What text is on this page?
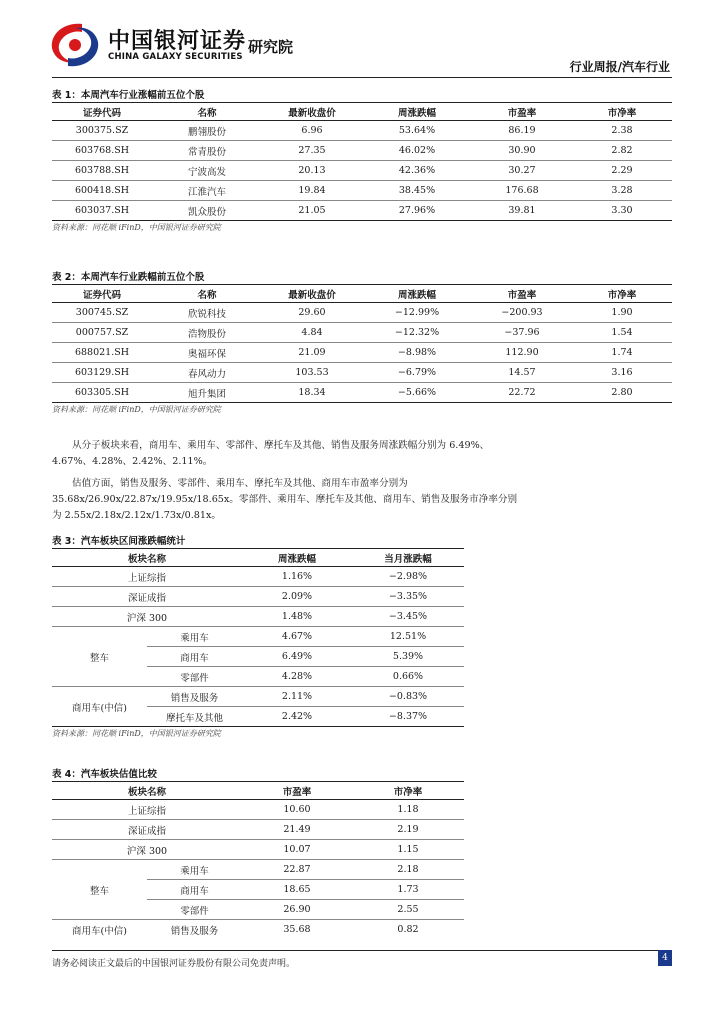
中国银河证券
CHINA GALAXY SECURITIES
研究院
行业周报/汽车行业
表 1：本周汽车行业涨幅前五位个股
证券代码	名称	最新收盘价	周涨跌幅	市盈率	市净率
300375.SZ	鹏翎股份	6.96	53.64%	86.19	2.38
603768.SH	常青股份	27.35	46.02%	30.90	2.82
603788.SH	宁波高发	20.13	42.36%	30.27	2.29
600418.SH	江淮汽车	19.84	38.45%	176.68	3.28
603037.SH	凯众股份	21.05	27.96%	39.81	3.30
资料来源：同花顺 iFinD，中国银河证券研究院
表 2：本周汽车行业跌幅前五位个股
证券代码	名称	最新收盘价	周涨跌幅	市盈率	市净率
300745.SZ	欣锐科技	29.60	−12.99%	−200.93	1.90
000757.SZ	浩物股份	4.84	−12.32%	−37.96	1.54
688021.SH	奥福环保	21.09	−8.98%	112.90	1.74
603129.SH	春风动力	103.53	−6.79%	14.57	3.16
603305.SH	旭升集团	18.34	−5.66%	22.72	2.80
资料来源：同花顺 iFinD，中国银河证券研究院

从分子板块来看，商用车、乘用车、零部件、摩托车及其他、销售及服务周涨跌幅分别为 6.49%、4.67%、4.28%、2.42%、2.11%。

估值方面，销售及服务、零部件、乘用车、摩托车及其他、商用车市盈率分别为 35.68x/26.90x/22.87x/19.95x/18.65x。零部件、乘用车、摩托车及其他、商用车、销售及服务市净率分别为 2.55x/2.18x/2.12x/1.73x/0.81x。

表 3：汽车板块区间涨跌幅统计
板块名称		周涨跌幅	当月涨跌幅
上证综指		1.16%	−2.98%
深证成指		2.09%	−3.35%
沪深 300		1.48%	−3.45%
整车	乘用车	4.67%	12.51%
	商用车	6.49%	5.39%
	零部件	4.28%	0.66%
商用车(中信)	销售及服务	2.11%	−0.83%
	摩托车及其他	2.42%	−8.37%
资料来源：同花顺 iFinD，中国银河证券研究院
表 4：汽车板块估值比较
板块名称		市盈率	市净率
上证综指		10.60	1.18
深证成指		21.49	2.19
沪深 300		10.07	1.15
整车	乘用车	22.87	2.18
	商用车	18.65	1.73
	零部件	26.90	2.55
商用车(中信)	销售及服务	35.68	0.82
请务必阅读正文最后的中国银河证券股份有限公司免责声明。
4
